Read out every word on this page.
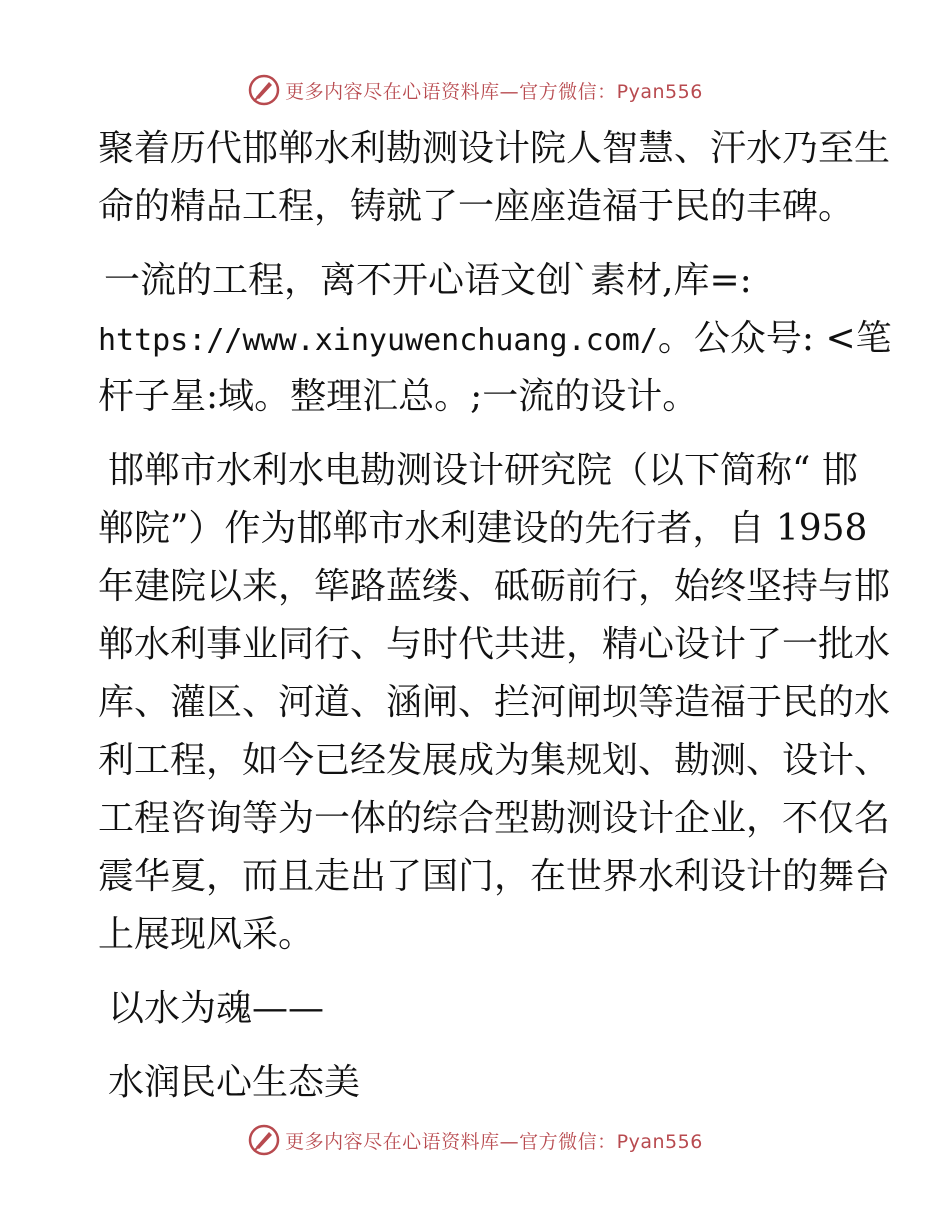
更多内容尽在心语资料库—官方微信：Pyan556
聚着历代邯郸水利勘测设计院人智慧、汗水乃至生
命的精品工程，铸就了一座座造福于民的丰碑。
一流的工程，离不开心语文创`素材,库=:
https://www.xinyuwenchuang.com/。公众号: <笔
杆子星:域。整理汇总。;一流的设计。
邯郸市水利水电勘测设计研究院（以下简称“ 邯
郸院”）作为邯郸市水利建设的先行者，自 1958
年建院以来，筚路蓝缕、砥砺前行，始终坚持与邯
郸水利事业同行、与时代共进，精心设计了一批水
库、灌区、河道、涵闸、拦河闸坝等造福于民的水
利工程，如今已经发展成为集规划、勘测、设计、
工程咨询等为一体的综合型勘测设计企业，不仅名
震华夏，而且走出了国门，在世界水利设计的舞台
上展现风采。
以水为魂——
水润民心生态美
更多内容尽在心语资料库—官方微信：Pyan556
